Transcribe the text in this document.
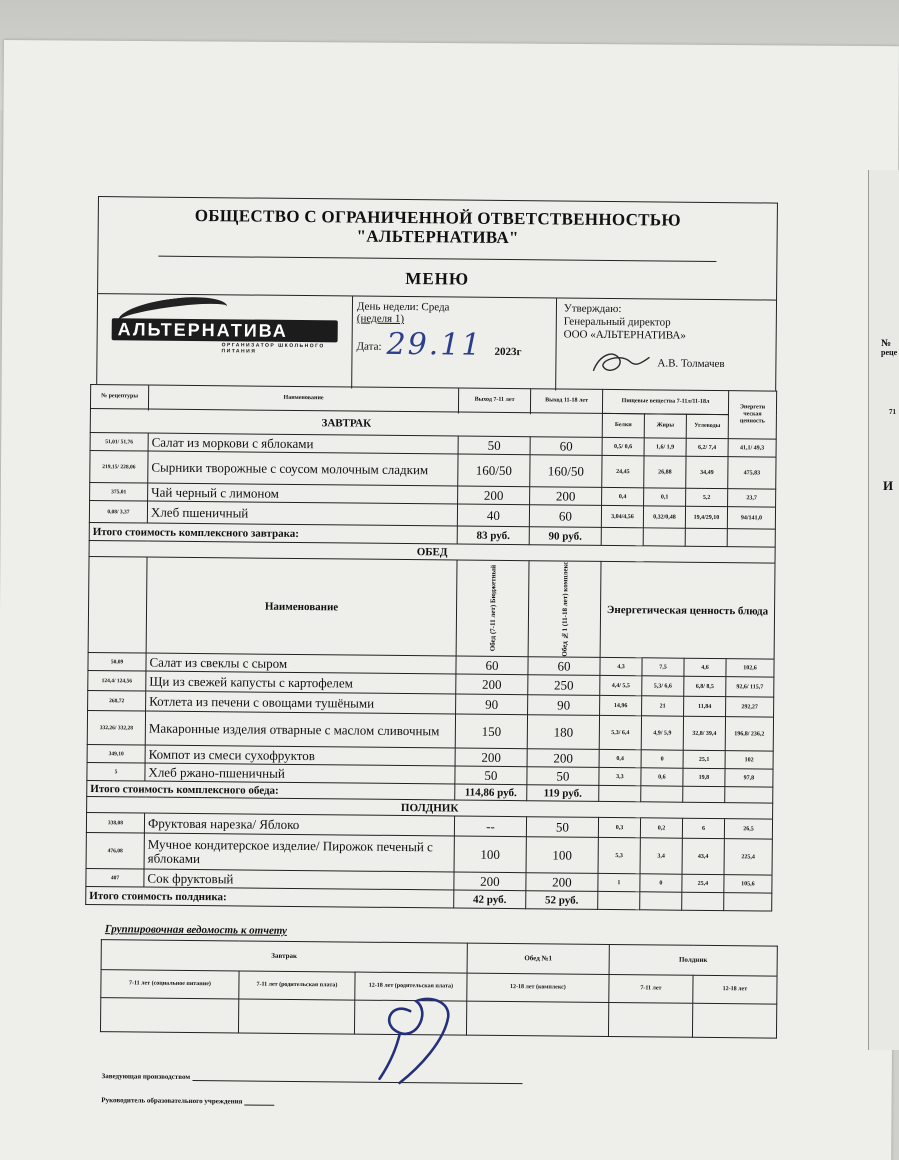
№
реце
71
И
ОБЩЕСТВО С ОГРАНИЧЕННОЙ ОТВЕТСТВЕННОСТЬЮ
"АЛЬТЕРНАТИВА"
МЕНЮ
АЛЬТЕРНАТИВА
ОРГАНИЗАТОР ШКОЛЬНОГО ПИТАНИЯ
День недели: Среда
(неделя 1)
Дата: 29.11 2023г
Утверждаю:
Генеральный директор
ООО «АЛЬТЕРНАТИВА»
А.В. Толмачев
№ рецептуры	Наименование	Выход 7-11 лет	Выход 11-18 лет	Пищевые вещества 7-11л/11-18л			Энергети ческая ценность

ЗАВТРАК				Белки	Жиры	Углеводы	
51,01/ 51,76	Салат из моркови с яблоками	50	60	0,5/ 0,6	1,6/ 1,9	6,2/ 7,4	41,1/ 49,3
219,15/ 228,06	Сырники творожные с соусом молочным сладким	160/50	160/50	24,45	26,88	34,49	475,83
375,01	Чай черный с лимоном	200	200	0,4	0,1	5,2	23,7
0,08/ 3,37	Хлеб пшеничный	40	60	3,04/4,56	0,32/0,48	19,4/29,10	94/141,0
Итого стоимость комплексного завтрака:		83 руб.	90 руб.				
ОБЕД							
	Наименование	Обед (7-11 лет) Бюджетный	Обед №1 (11-18 лет) комплекс	Энергетическая ценность блюда			
50,09	Салат из свеклы с сыром	60	60	4,3	7,5	4,6	102,6
124,4/ 124,56	Щи из свежей капусты с картофелем	200	250	4,4/ 5,5	5,3/ 6,6	6,8/ 8,5	92,6/ 115,7
268,72	Котлета из печени с овощами тушёными	90	90	14,96	21	11,84	292,27
332,26/ 332,28	Макаронные изделия отварные с маслом сливочным	150	180	5,3/ 6,4	4,9/ 5,9	32,8/ 39,4	196,8/ 236,2
349,10	Компот из смеси сухофруктов	200	200	0,4	0	25,1	102
5	Хлеб ржано-пшеничный	50	50	3,3	0,6	19,8	97,8
Итого стоимость комплексного обеда:		114,86 руб.	119 руб.				
ПОЛДНИК							
338,08	Фруктовая нарезка/ Яблоко	--	50	0,3	0,2	6	26,5
476,08	Мучное кондитерское изделие/ Пирожок печеный с яблоками	100	100	5,3	3,4	43,4	225,4
407	Сок фруктовый	200	200	1	0	25,4	105,6
Итого стоимость полдника:		42 руб.	52 руб.				
Группировочная ведомость к отчету
Завтрак			Обед №1	Полдник	
7-11 лет (социальное питание)	7-11 лет (родительская плата)	12-18 лет (родительская плата)	12-18 лет (комплекс)	7-11 лет	12-18 лет

Заведующая производством
Руководитель образовательного учреждения
